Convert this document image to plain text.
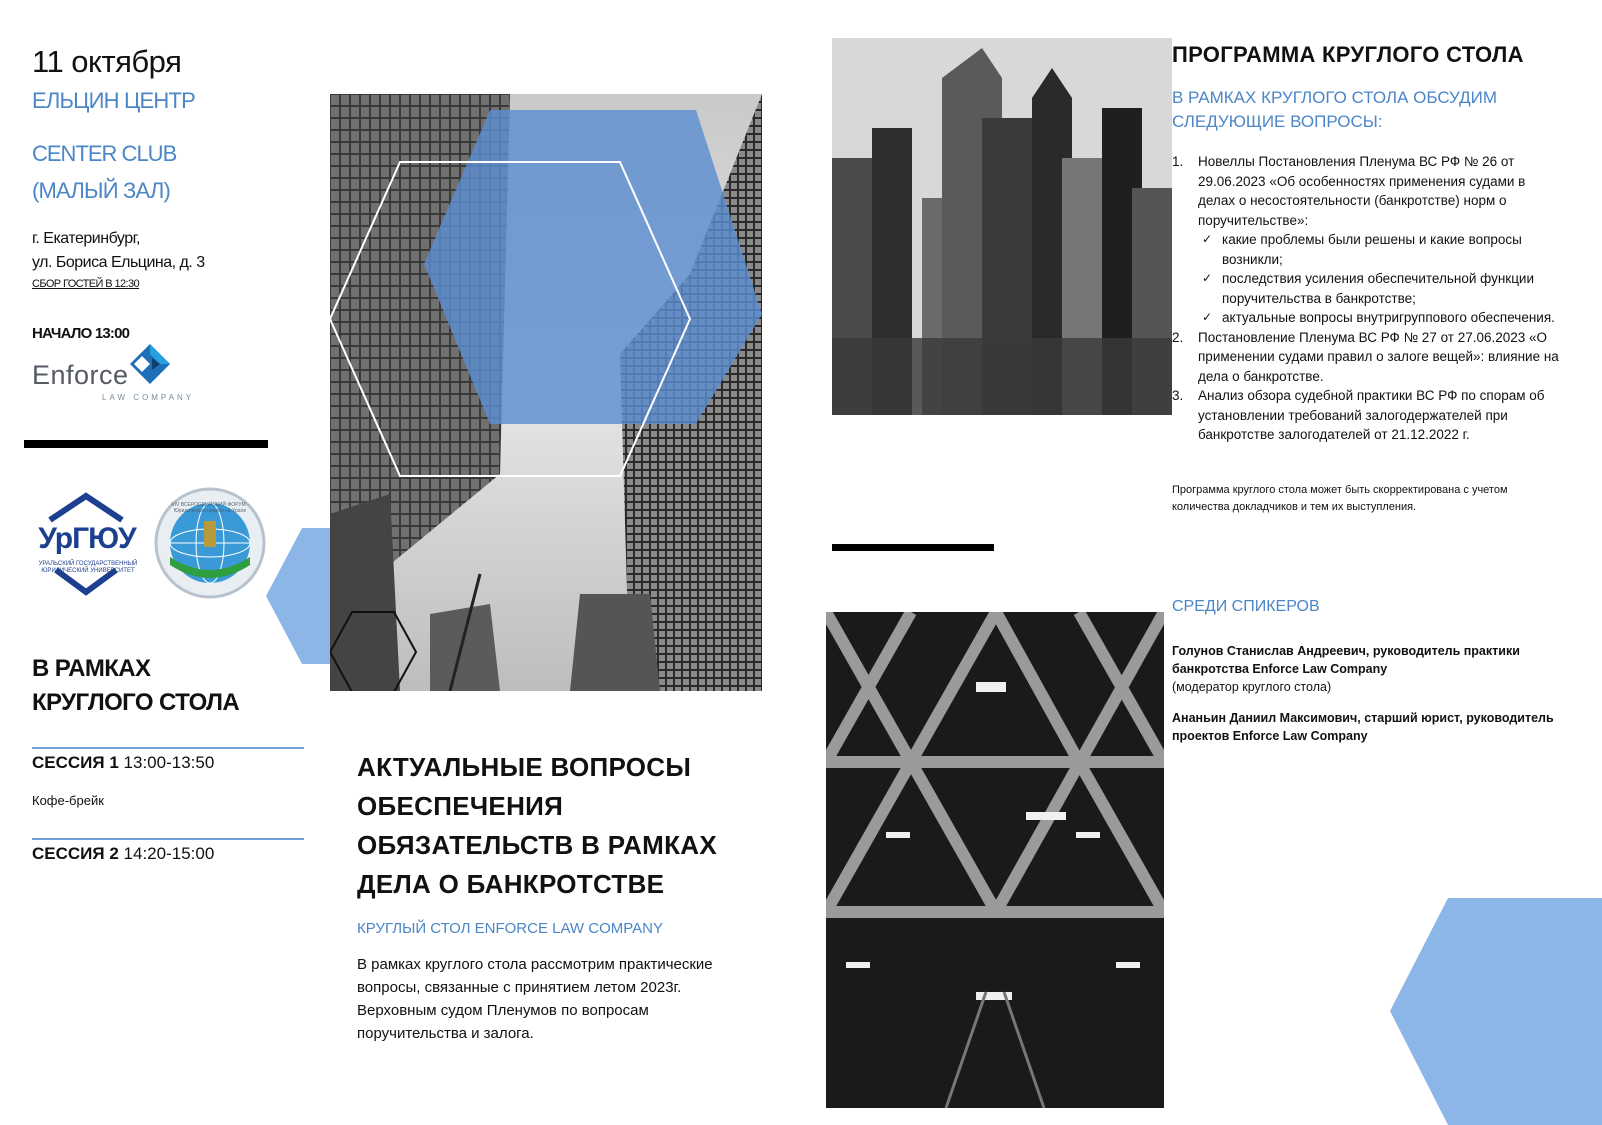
11 октября
ЕЛЬЦИН ЦЕНТР
CENTER CLUB
(МАЛЫЙ ЗАЛ)
г. Екатеринбург,
ул. Бориса Ельцина, д. 3
СБОР ГОСТЕЙ В 12:30
НАЧАЛО 13:00
Enforce
LAW COMPANY
УрГЮУ
УРАЛЬСКИЙ ГОСУДАРСТВЕННЫЙ ЮРИДИЧЕСКИЙ УНИВЕРСИТЕТ
XIV ВСЕРОССИЙСКИЙ ФОРУМ · Юридическая неделя на Урале
В РАМКАХ
КРУГЛОГО СТОЛА
СЕССИЯ 1 13:00-13:50
Кофе-брейк
СЕССИЯ 2 14:20-15:00
АКТУАЛЬНЫЕ ВОПРОСЫ
ОБЕСПЕЧЕНИЯ
ОБЯЗАТЕЛЬСТВ В РАМКАХ
ДЕЛА О БАНКРОТСТВЕ
КРУГЛЫЙ СТОЛ ENFORCE LAW COMPANY
В рамках круглого стола рассмотрим практические вопросы, связанные с принятием летом 2023г. Верховным судом Пленумов по вопросам поручительства и залога.
ПРОГРАММА КРУГЛОГО СТОЛА
В РАМКАХ КРУГЛОГО СТОЛА ОБСУДИМ СЛЕДУЮЩИЕ ВОПРОСЫ:
1. Новеллы Постановления Пленума ВС РФ № 26 от 29.06.2023 «Об особенностях применения судами в делах о несостоятельности (банкротстве) норм о поручительстве»:
✓ какие проблемы были решены и какие вопросы возникли;
✓ последствия усиления обеспечительной функции поручительства в банкротстве;
✓ актуальные вопросы внутригруппового обеспечения.
2. Постановление Пленума ВС РФ № 27 от 27.06.2023 «О применении судами правил о залоге вещей»: влияние на дела о банкротстве.
3. Анализ обзора судебной практики ВС РФ по спорам об установлении требований залогодержателей при банкротстве залогодателей от 21.12.2022 г.
Программа круглого стола может быть скорректирована с учетом количества докладчиков и тем их выступления.
СРЕДИ СПИКЕРОВ
Голунов Станислав Андреевич, руководитель практики банкротства Enforce Law Company
(модератор круглого стола)
Ананьин Даниил Максимович, старший юрист, руководитель проектов Enforce Law Company
